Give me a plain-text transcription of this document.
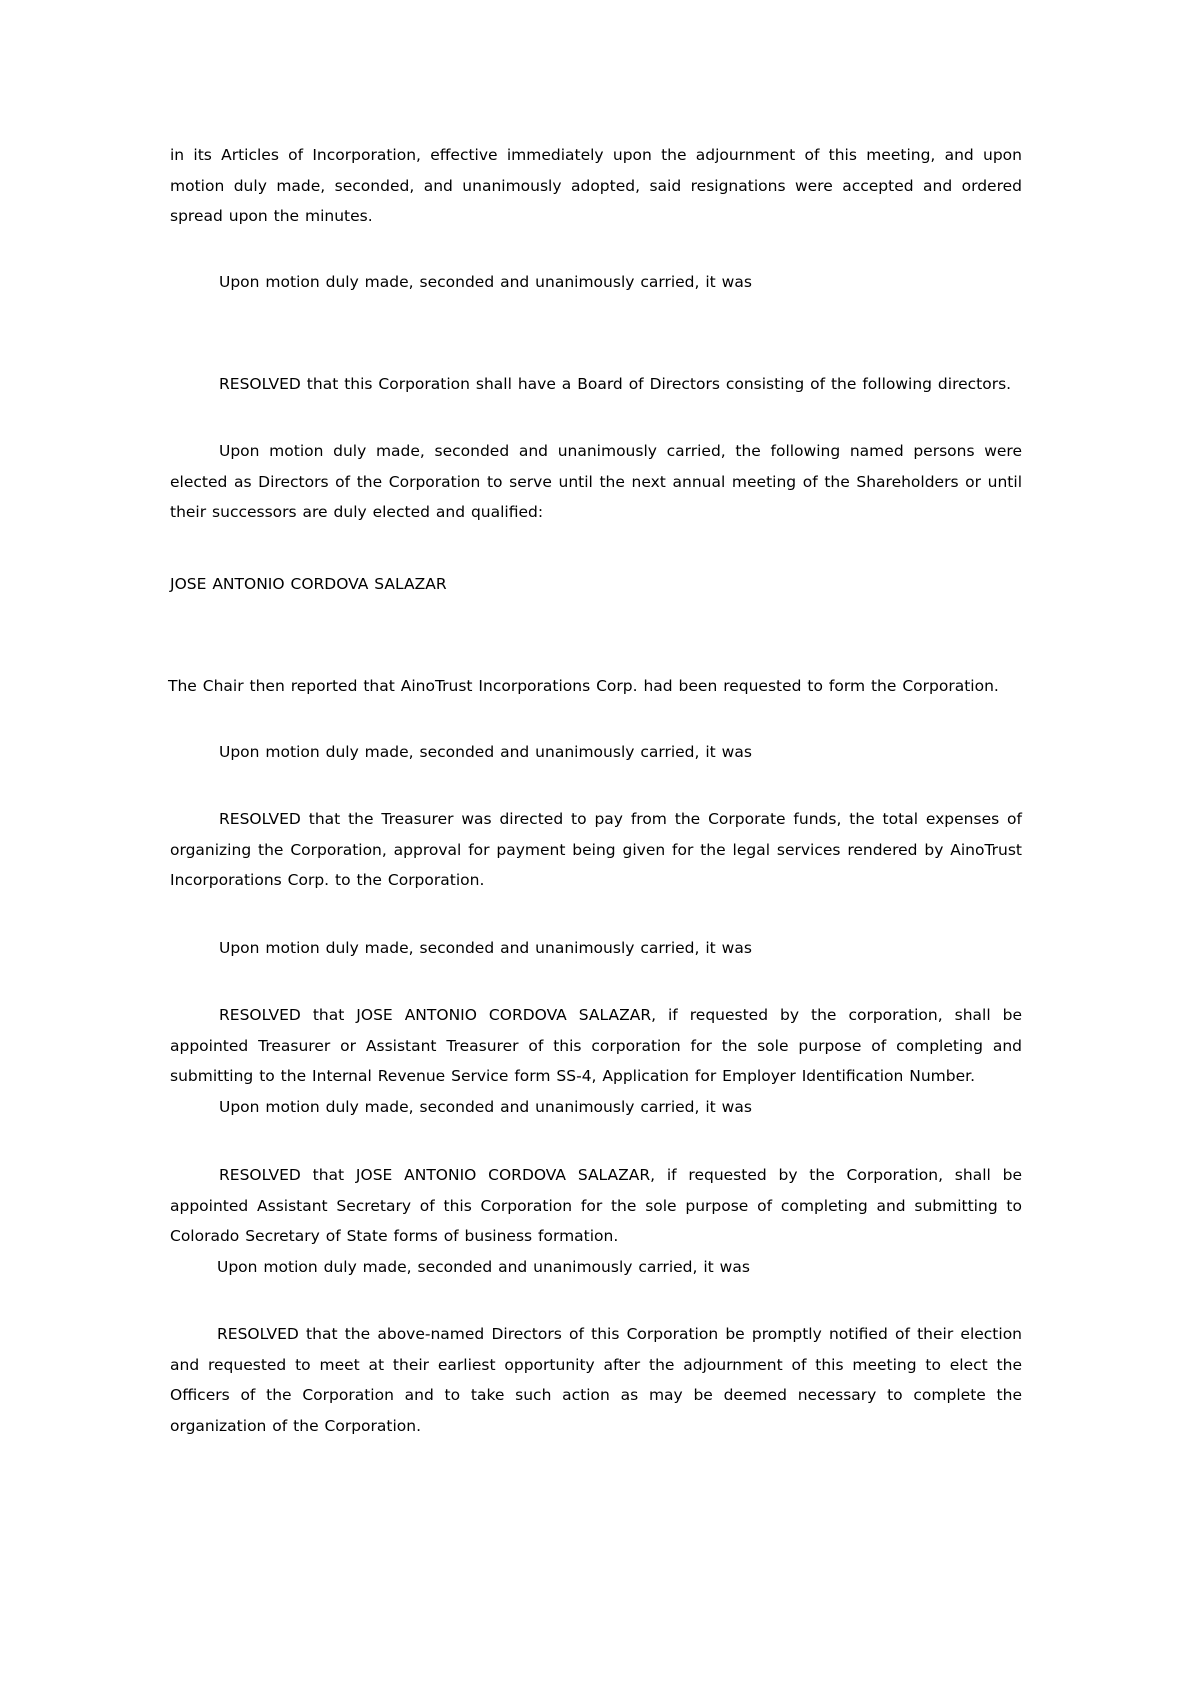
in its Articles of Incorporation, effective immediately upon the adjournment of this meeting, and upon motion duly made, seconded, and unanimously adopted, said resignations were accepted and ordered spread upon the minutes.

Upon motion duly made, seconded and unanimously carried, it was

RESOLVED that this Corporation shall have a Board of Directors consisting of the following directors.

Upon motion duly made, seconded and unanimously carried, the following named persons were elected as Directors of the Corporation to serve until the next annual meeting of the Shareholders or until their successors are duly elected and qualified:

JOSE ANTONIO CORDOVA SALAZAR

The Chair then reported that AinoTrust Incorporations Corp. had been requested to form the Corporation.

Upon motion duly made, seconded and unanimously carried, it was

RESOLVED that the Treasurer was directed to pay from the Corporate funds, the total expenses of organizing the Corporation, approval for payment being given for the legal services rendered by AinoTrust Incorporations Corp. to the Corporation.

Upon motion duly made, seconded and unanimously carried, it was

RESOLVED that JOSE ANTONIO CORDOVA SALAZAR, if requested by the corporation, shall be appointed Treasurer or Assistant Treasurer of this corporation for the sole purpose of completing and submitting to the Internal Revenue Service form SS-4, Application for Employer Identification Number.

Upon motion duly made, seconded and unanimously carried, it was

RESOLVED that JOSE ANTONIO CORDOVA SALAZAR, if requested by the Corporation, shall be appointed Assistant Secretary of this Corporation for the sole purpose of completing and submitting to Colorado Secretary of State forms of business formation.

Upon motion duly made, seconded and unanimously carried, it was

RESOLVED that the above-named Directors of this Corporation be promptly notified of their election and requested to meet at their earliest opportunity after the adjournment of this meeting to elect the Officers of the Corporation and to take such action as may be deemed necessary to complete the organization of the Corporation.
